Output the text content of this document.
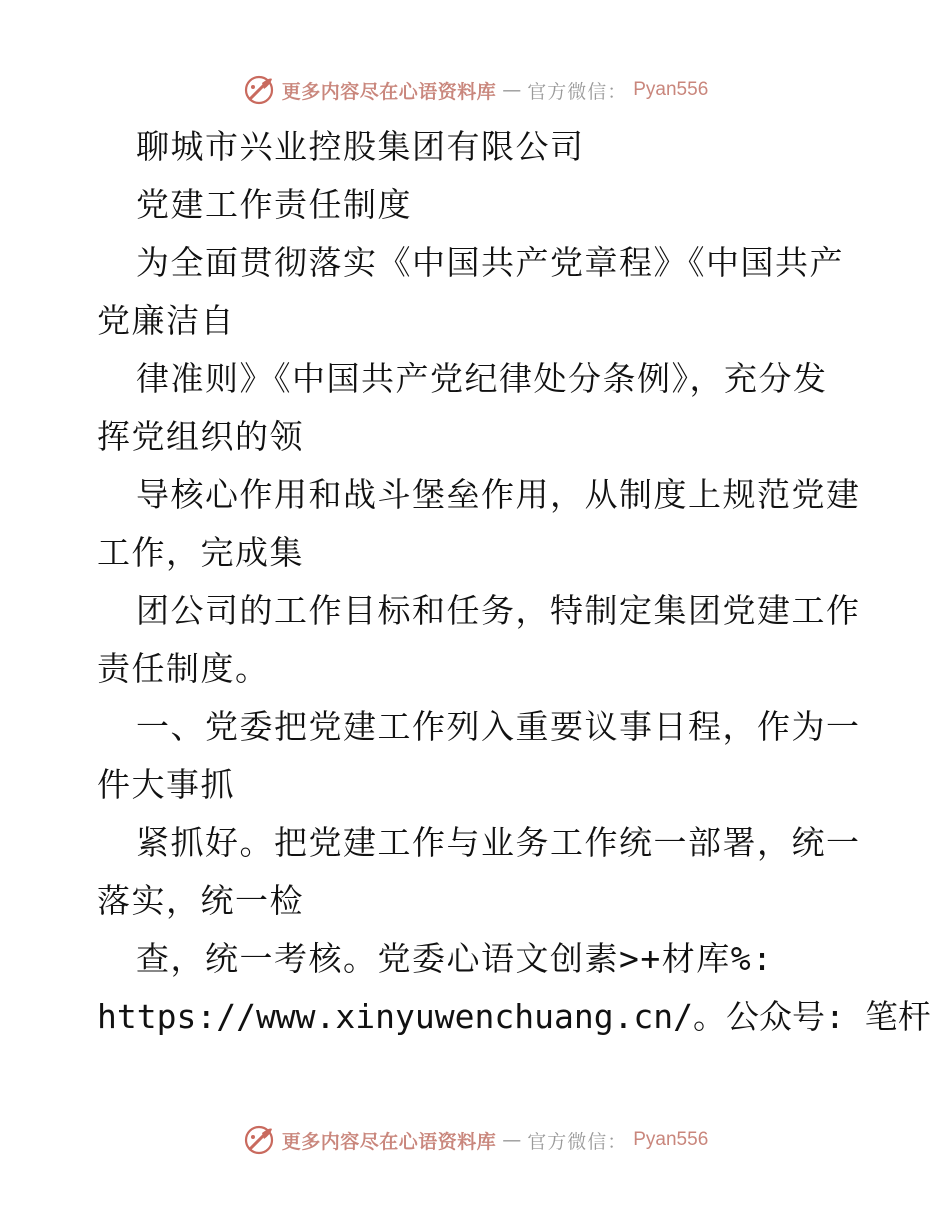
更多内容尽在心语资料库 — 官方微信： Pyan556
聊城市兴业控股集团有限公司
党建工作责任制度
为全面贯彻落实《中国共产党章程》《中国共产
党廉洁自
律准则》《中国共产党纪律处分条例》，充分发
挥党组织的领
导核心作用和战斗堡垒作用，从制度上规范党建
工作，完成集
团公司的工作目标和任务，特制定集团党建工作
责任制度。
一、党委把党建工作列入重要议事日程，作为一
件大事抓
紧抓好。把党建工作与业务工作统一部署，统一
落实，统一检
查，统一考核。党委心语文创素>+材库%:
https://www.xinyuwenchuang.cn/。公众号: 笔杆
更多内容尽在心语资料库 — 官方微信： Pyan556
